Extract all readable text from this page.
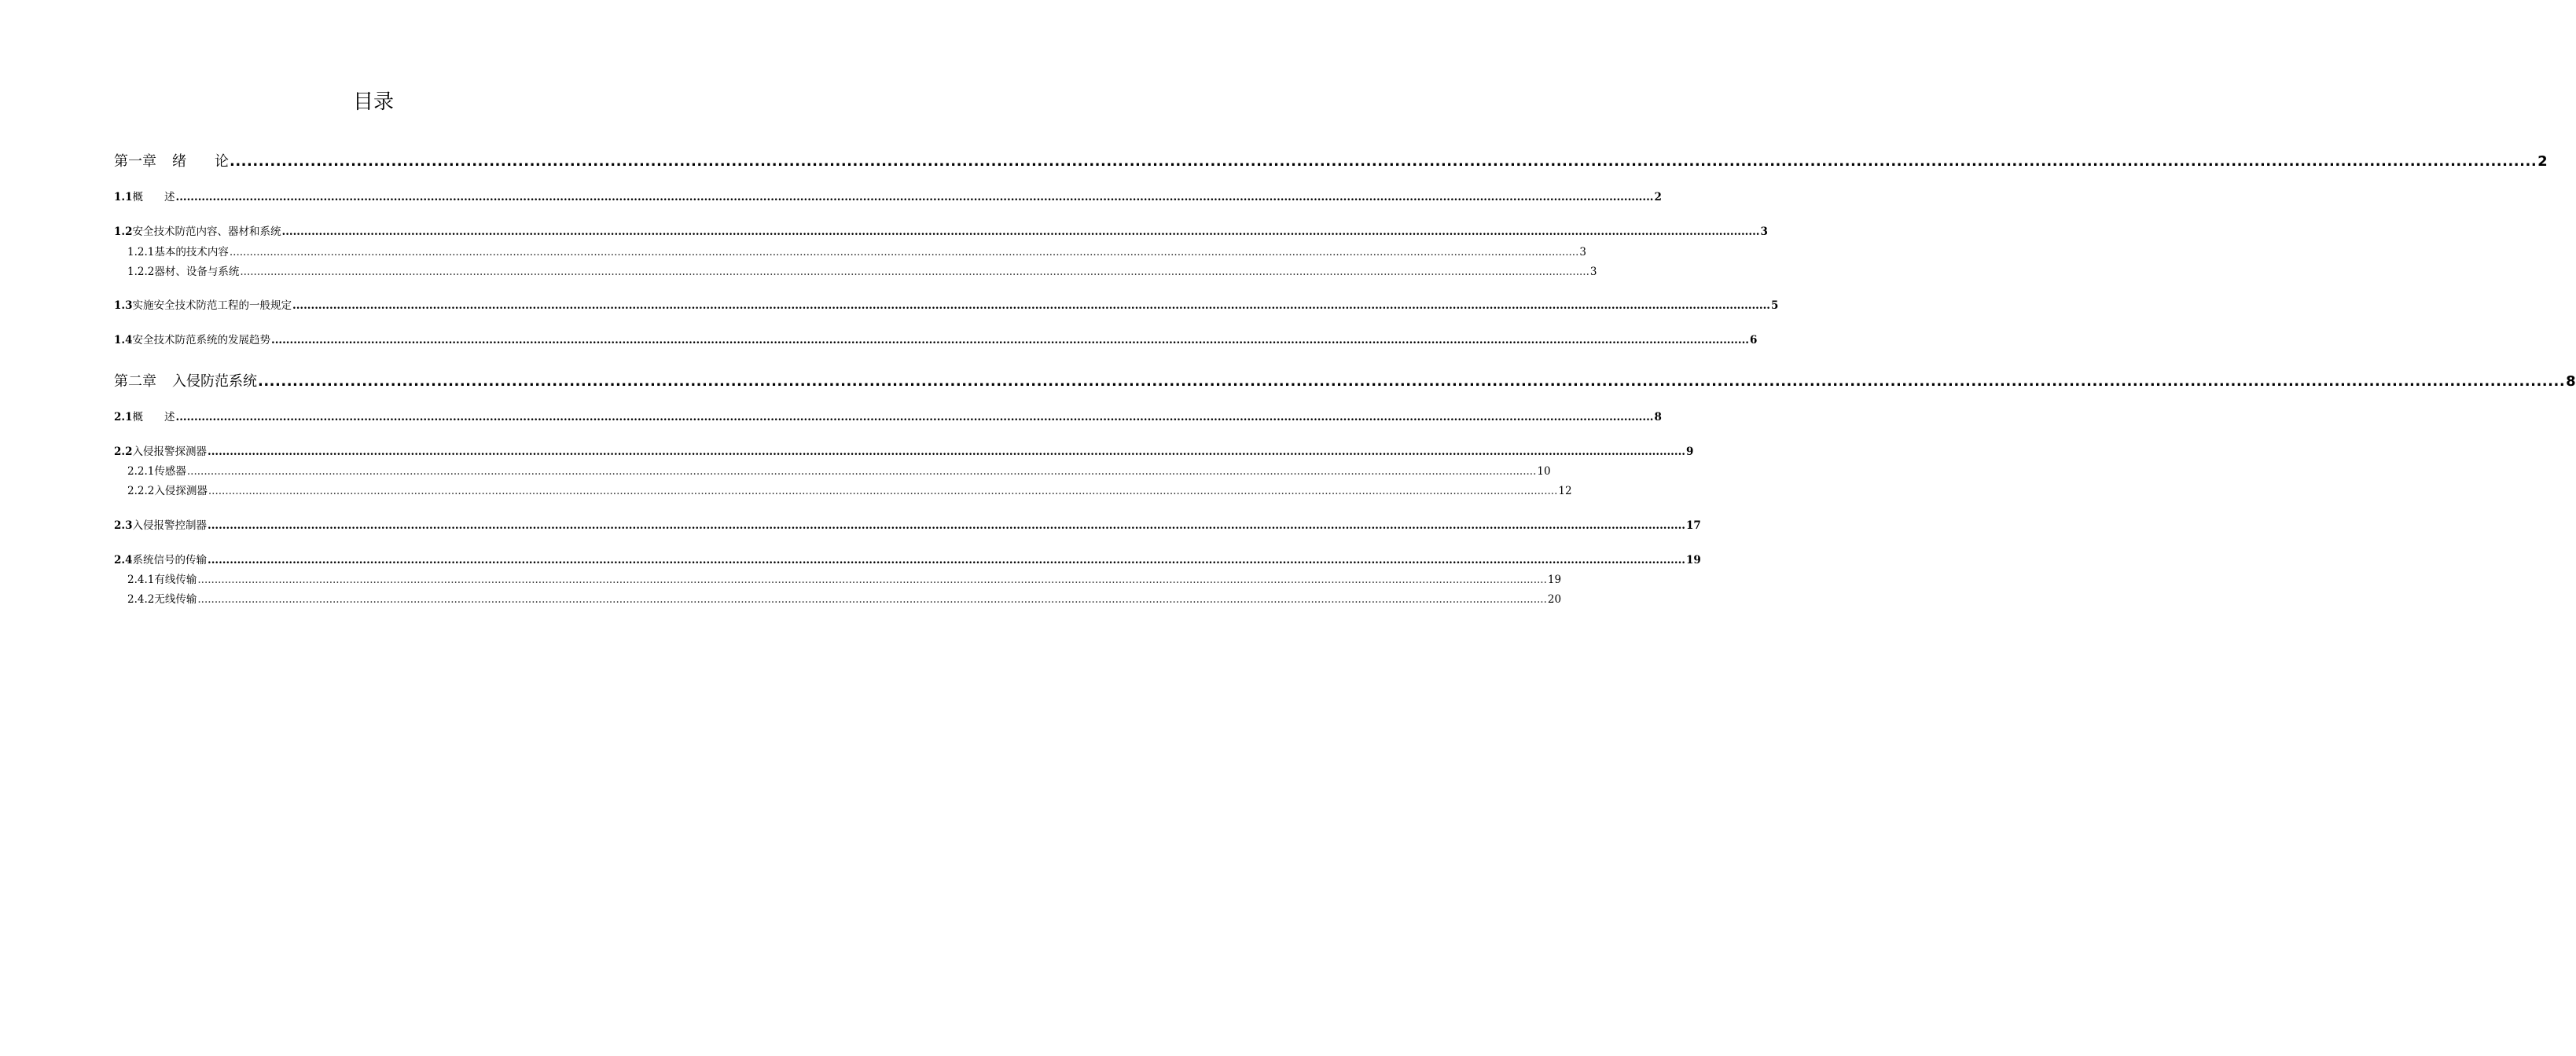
目录
第一章 绪　　论 ................................................................................................................................................................................................................................................................................................................................................................................................................ 2
1.1 概　　述 ................................................................................................................................................................................................................................................................................................................................................................................................................ 2
1.2 安全技术防范内容、器材和系统 ................................................................................................................................................................................................................................................................................................................................................................................................................ 3
1.2.1 基本的技术内容 ................................................................................................................................................................................................................................................................................................................................................................................................................ 3
1.2.2 器材、设备与系统 ................................................................................................................................................................................................................................................................................................................................................................................................................ 3
1.3 实施安全技术防范工程的一般规定 ................................................................................................................................................................................................................................................................................................................................................................................................................ 5
1.4 安全技术防范系统的发展趋势 ................................................................................................................................................................................................................................................................................................................................................................................................................ 6
第二章 入侵防范系统 ................................................................................................................................................................................................................................................................................................................................................................................................................ 8
2.1 概　　述 ................................................................................................................................................................................................................................................................................................................................................................................................................ 8
2.2 入侵报警探测器 ................................................................................................................................................................................................................................................................................................................................................................................................................ 9
2.2.1 传感器 ................................................................................................................................................................................................................................................................................................................................................................................................................ 10
2.2.2 入侵探测器 ................................................................................................................................................................................................................................................................................................................................................................................................................ 12
2.3 入侵报警控制器 ................................................................................................................................................................................................................................................................................................................................................................................................................ 17
2.4 系统信号的传输 ................................................................................................................................................................................................................................................................................................................................................................................................................ 19
2.4.1 有线传输 ................................................................................................................................................................................................................................................................................................................................................................................................................ 19
2.4.2 无线传输 ................................................................................................................................................................................................................................................................................................................................................................................................................ 20
